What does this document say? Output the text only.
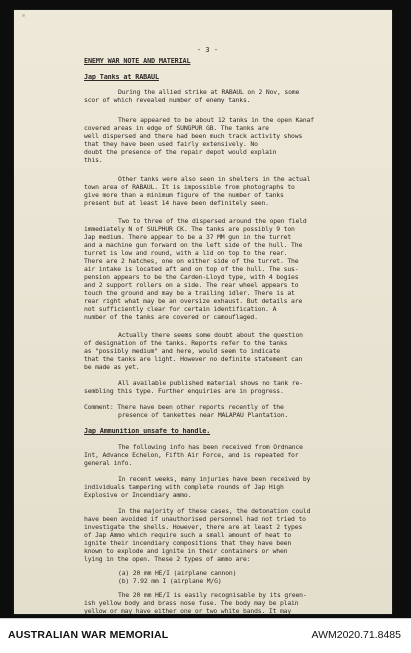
- 3 -
ENEMY WAR NOTE AND MATERIAL
Jap Tanks at RABAUL
During the allied strike at RABAUL on 2 Nov, some
scor of which revealed number of enemy tanks.
There appeared to be about 12 tanks in the open Kanaf
covered areas in edge of SUNGPUR GB. The tanks are
well dispersed and there had been much track activity shows
that they have been used fairly extensively. No
doubt the presence of the repair depot would explain
this.
Other tanks were also seen in shelters in the actual
town area of RABAUL. It is impossible from photographs to
give more than a minimum figure of the number of tanks
present but at least 14 have been definitely seen.
Two to three of the dispersed around the open field
immediately N of SULPHUR CK. The tanks are possibly 9 ton
Jap medium. There appear to be a 37 MM gun in the turret
and a machine gun forward on the left side of the hull. The
turret is low and round, with a lid on top to the rear.
There are 2 hatches, one on either side of the turret. The
air intake is located aft and on top of the hull. The sus-
pension appears to be the Carden-Lloyd type, with 4 bogies
and 2 support rollers on a side. The rear wheel appears to
touch the ground and may be a trailing idler. There is at
rear right what may be an oversize exhaust. But details are
not sufficiently clear for certain identification. A
number of the tanks are covered or camouflaged.
Actually there seems some doubt about the question
of designation of the tanks. Reports refer to the tanks
as "possibly medium" and here, would seem to indicate
that the tanks are light. However no definite statement can
be made as yet.
All available published material shows no tank re-
sembling this type. Further enquiries are in progress.
Comment: There have been other reports recently of the
presence of tankettes near MALAPAU Plantation.
Jap Ammunition unsafe to handle.
The following info has been received from Ordnance
Int, Advance Echelon, Fifth Air Force, and is repeated for
general info.
In recent weeks, many injuries have been received by
individuals tampering with complete rounds of Jap High
Explosive or Incendiary ammo.
In the majority of these cases, the detonation could
have been avoided if unauthorised personnel had not tried to
investigate the shells. However, there are at least 2 types
of Jap Ammo which require such a small amount of heat to
ignite their incendiary compositions that they have been
known to explode and ignite in their containers or when
lying in the open. These 2 types of ammo are:
(a) 20 mm HE/I (airplane cannon)
(b) 7.92 mm I (airplane M/G)
The 20 mm HE/I is easily recognisable by its green-
ish yellow body and brass nose fuse. The body may be plain
yellow or may have either one or two white bands. It may
AUSTRALIAN WAR MEMORIAL	AWM2020.71.8485
